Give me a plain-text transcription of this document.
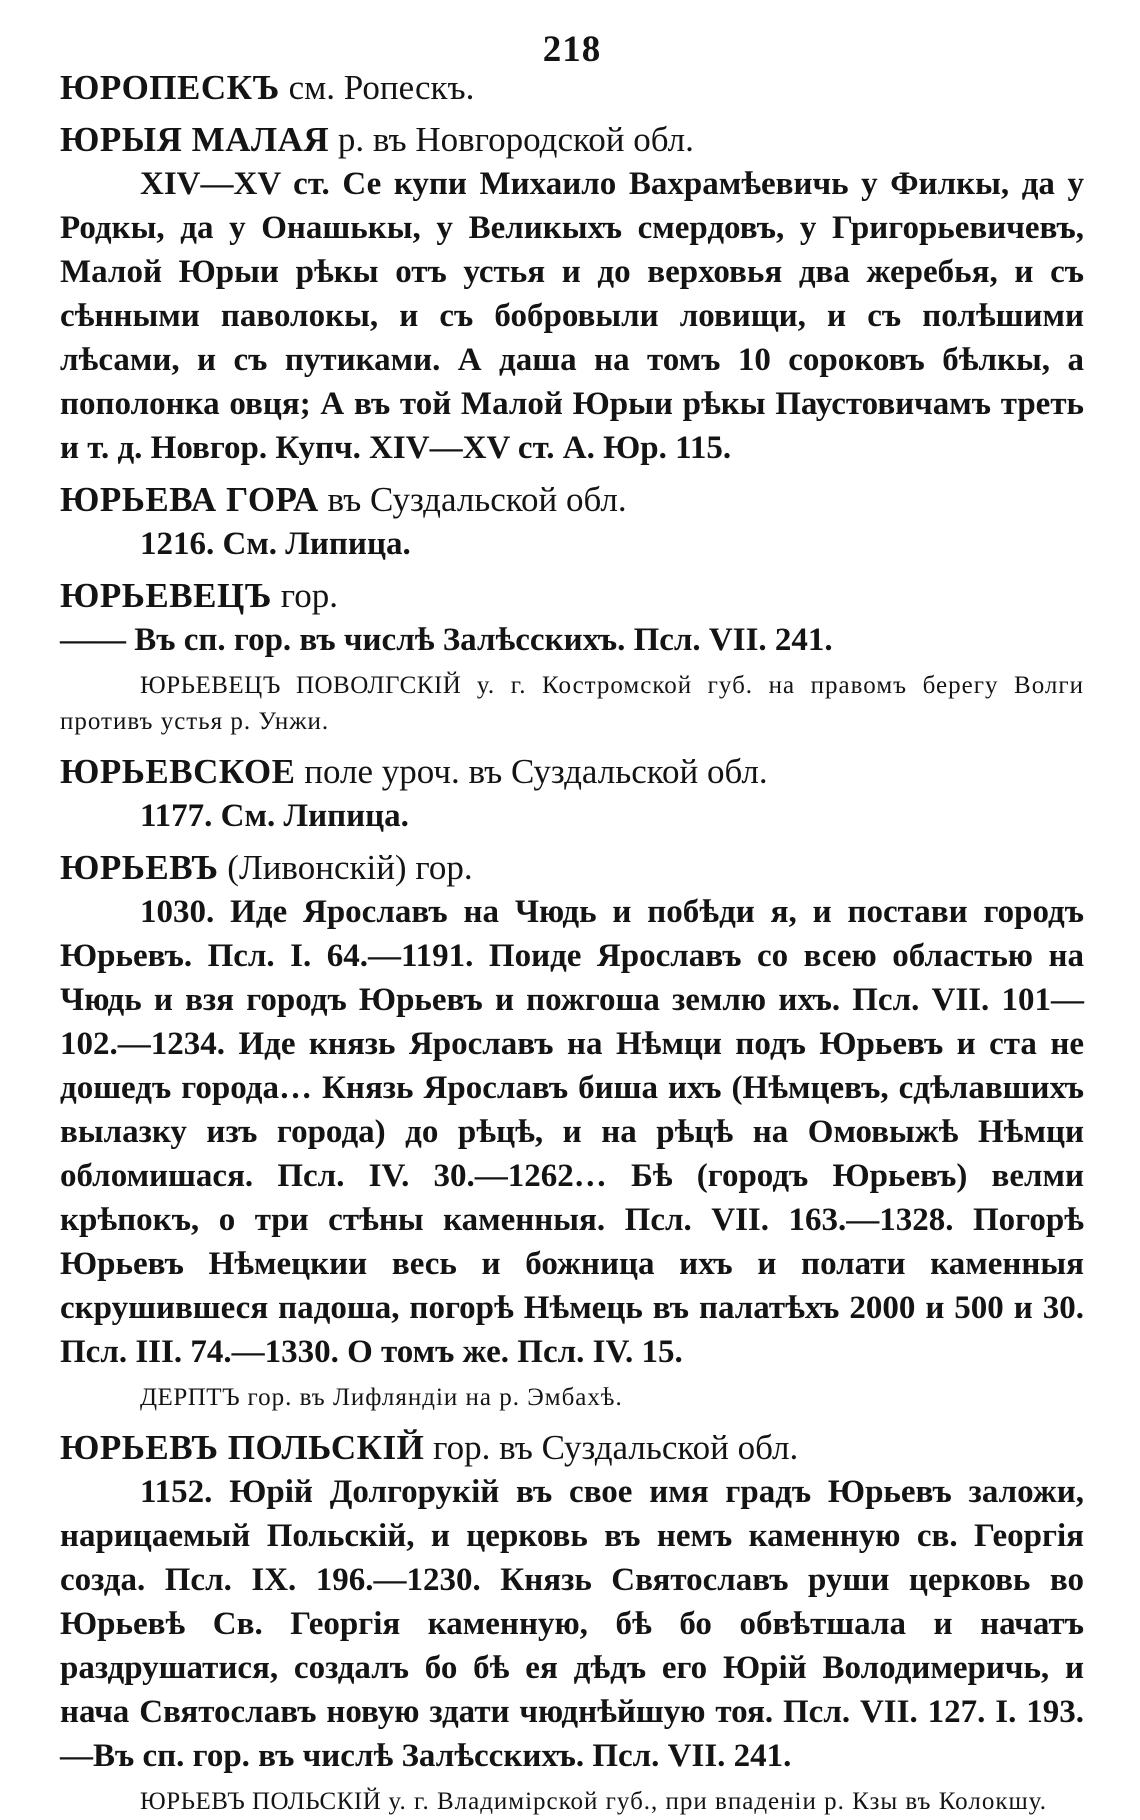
218
ЮРОПЕСКЪ см. Ропескъ.
ЮРЫЯ МАЛАЯ р. въ Новгородской обл.
XIV—XV ст. Се купи Михаило Вахрамѣевичь у Филкы, да у Родкы, да у Онашькы, у Великыхъ смердовъ, у Григорьевичевъ, Малой Юрыи рѣкы отъ устья и до верховья два жеребья, и съ сѣнными паволокы, и съ бобровыли ловищи, и съ полѣшими лѣсами, и съ путиками. А даша на томъ 10 сороковъ бѣлкы, а пополонка овця; А въ той Малой Юрыи рѣкы Паустовичамъ треть и т. д. Новгор. Купч. XIV—XV ст. А. Юр. 115.
ЮРЬЕВА ГОРА въ Суздальской обл.
1216. См. Липица.
ЮРЬЕВЕЦЪ гор.
—— Въ сп. гор. въ числѣ Залѣсскихъ. Псл. VII. 241.
ЮРЬЕВЕЦЪ ПОВОЛГСКІЙ у. г. Костромской губ. на правомъ берегу Волги противъ устья р. Унжи.
ЮРЬЕВСКОЕ поле уроч. въ Суздальской обл.
1177. См. Липица.
ЮРЬЕВЪ (Ливонскій) гор.
1030. Иде Ярославъ на Чюдь и побѣди я, и постави городъ Юрьевъ. Псл. I. 64.—1191. Поиде Ярославъ со всею областью на Чюдь и взя городъ Юрьевъ и пожгоша землю ихъ. Псл. VII. 101—102.—1234. Иде князь Ярославъ на Нѣмци подъ Юрьевъ и ста не дошедъ города… Князь Ярославъ биша ихъ (Нѣмцевъ, сдѣлавшихъ вылазку изъ города) до рѣцѣ, и на рѣцѣ на Омовыжѣ Нѣмци обломишася. Псл. IV. 30.—1262… Бѣ (городъ Юрьевъ) велми крѣпокъ, о три стѣны каменныя. Псл. VII. 163.—1328. Погорѣ Юрьевъ Нѣмецкии весь и божница ихъ и полати каменныя скрушившеся падоша, погорѣ Нѣмець въ палатѣхъ 2000 и 500 и 30. Псл. III. 74.—1330. О томъ же. Псл. IV. 15.
ДЕРПТЪ гор. въ Лифляндіи на р. Эмбахѣ.
ЮРЬЕВЪ ПОЛЬСКІЙ гор. въ Суздальской обл.
1152. Юрій Долгорукій въ свое имя градъ Юрьевъ заложи, нарицаемый Польскій, и церковь въ немъ каменную св. Георгія созда. Псл. IX. 196.—1230. Князь Святославъ руши церковь во Юрьевѣ Св. Георгія каменную, бѣ бо обвѣтшала и начатъ раздрушатися, создалъ бо бѣ ея дѣдъ его Юрій Володимеричь, и нача Святославъ новую здати чюднѣйшую тоя. Псл. VII. 127. I. 193.—Въ сп. гор. въ числѣ Залѣсскихъ. Псл. VII. 241.
ЮРЬЕВЪ ПОЛЬСКІЙ у. г. Владимірской губ., при впаденіи р. Кзы въ Колокшу.
